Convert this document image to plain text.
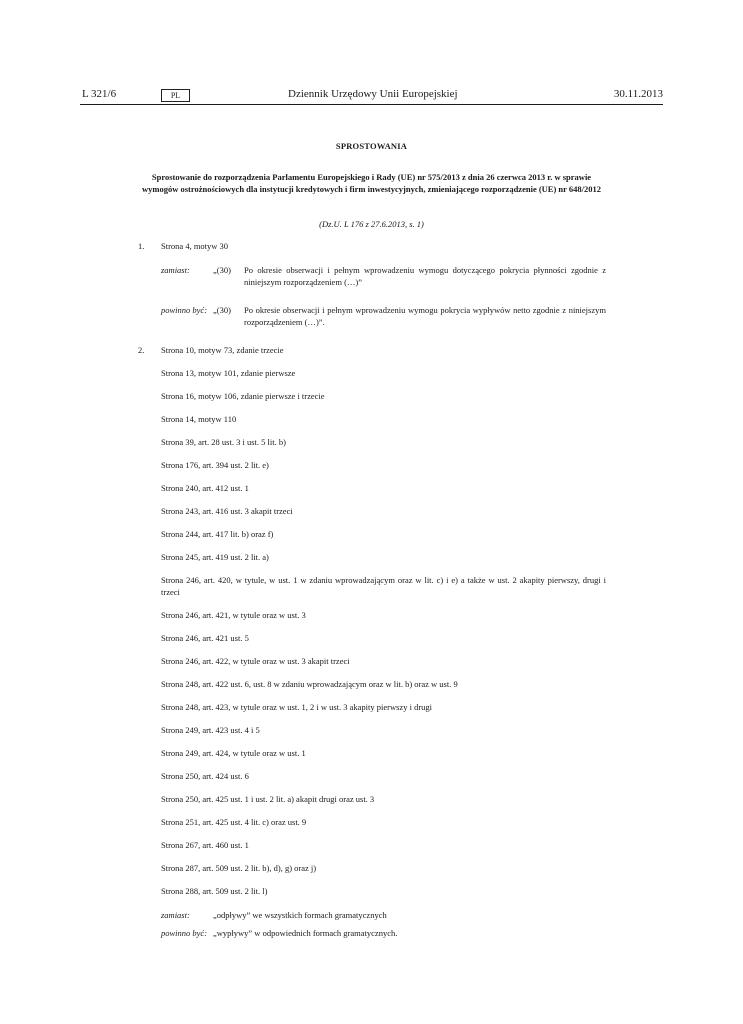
L 321/6	PL	Dziennik Urzędowy Unii Europejskiej	30.11.2013
SPROSTOWANIA
Sprostowanie do rozporządzenia Parlamentu Europejskiego i Rady (UE) nr 575/2013 z dnia 26 czerwca 2013 r. w sprawie wymogów ostrożnościowych dla instytucji kredytowych i firm inwestycyjnych, zmieniającego rozporządzenie (UE) nr 648/2012
(Dz.U. L 176 z 27.6.2013, s. 1)
1. Strona 4, motyw 30
zamiast:	„(30) Po okresie obserwacji i pełnym wprowadzeniu wymogu dotyczącego pokrycia płynności zgodnie z niniejszym rozporządzeniem (…)”
powinno być: „(30) Po okresie obserwacji i pełnym wprowadzeniu wymogu pokrycia wypływów netto zgodnie z niniejszym rozporządzeniem (…)”.
2. Strona 10, motyw 73, zdanie trzecie
Strona 13, motyw 101, zdanie pierwsze
Strona 16, motyw 106, zdanie pierwsze i trzecie
Strona 14, motyw 110
Strona 39, art. 28 ust. 3 i ust. 5 lit. b)
Strona 176, art. 394 ust. 2 lit. e)
Strona 240, art. 412 ust. 1
Strona 243, art. 416 ust. 3 akapit trzeci
Strona 244, art. 417 lit. b) oraz f)
Strona 245, art. 419 ust. 2 lit. a)
Strona 246, art. 420, w tytule, w ust. 1 w zdaniu wprowadzającym oraz w lit. c) i e) a także w ust. 2 akapity pierwszy, drugi i trzeci
Strona 246, art. 421, w tytule oraz w ust. 3
Strona 246, art. 421 ust. 5
Strona 246, art. 422, w tytule oraz w ust. 3 akapit trzeci
Strona 248, art. 422 ust. 6, ust. 8 w zdaniu wprowadzającym oraz w lit. b) oraz w ust. 9
Strona 248, art. 423, w tytule oraz w ust. 1, 2 i w ust. 3 akapity pierwszy i drugi
Strona 249, art. 423 ust. 4 i 5
Strona 249, art. 424, w tytule oraz w ust. 1
Strona 250, art. 424 ust. 6
Strona 250, art. 425 ust. 1 i ust. 2 lit. a) akapit drugi oraz ust. 3
Strona 251, art. 425 ust. 4 lit. c) oraz ust. 9
Strona 267, art. 460 ust. 1
Strona 287, art. 509 ust. 2 lit. b), d), g) oraz j)
Strona 288, art. 509 ust. 2 lit. l)
zamiast:	„odpływy” we wszystkich formach gramatycznych
powinno być: „wypływy” w odpowiednich formach gramatycznych.
